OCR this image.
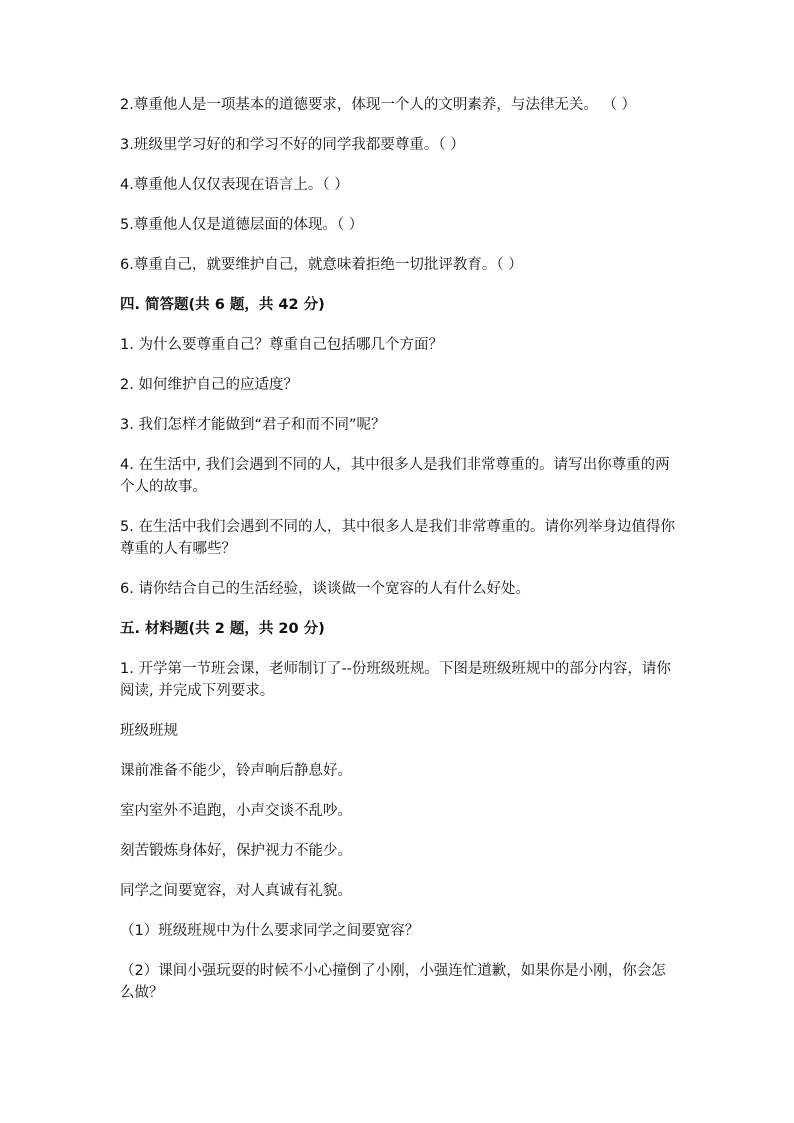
2.尊重他人是一项基本的道德要求，体现一个人的文明素养，与法律无关。 （ ）

3.班级里学习好的和学习不好的同学我都要尊重。（ ）

4.尊重他人仅仅表现在语言上。（ ）

5.尊重他人仅是道德层面的体现。（ ）

6.尊重自己，就要维护自己，就意味着拒绝一切批评教育。（ ）

四. 简答题(共 6 题，共 42 分)

1. 为什么要尊重自己？尊重自己包括哪几个方面？

2. 如何维护自己的应适度？

3. 我们怎样才能做到“君子和而不同”呢？

4. 在生活中, 我们会遇到不同的人，其中很多人是我们非常尊重的。请写出你尊重的两个人的故事。

5. 在生活中我们会遇到不同的人，其中很多人是我们非常尊重的。请你列举身边值得你尊重的人有哪些？

6. 请你结合自己的生活经验，谈谈做一个宽容的人有什么好处。

五. 材料题(共 2 题，共 20 分)

1. 开学第一节班会课，老师制订了--份班级班规。下图是班级班规中的部分内容，请你阅读, 并完成下列要求。

班级班规

课前准备不能少，铃声响后静息好。

室内室外不追跑，小声交谈不乱吵。

刻苦锻炼身体好，保护视力不能少。

同学之间要宽容，对人真诚有礼貌。

（1）班级班规中为什么要求同学之间要宽容？

（2）课间小强玩耍的时候不小心撞倒了小刚，小强连忙道歉，如果你是小刚，你会怎么做？
